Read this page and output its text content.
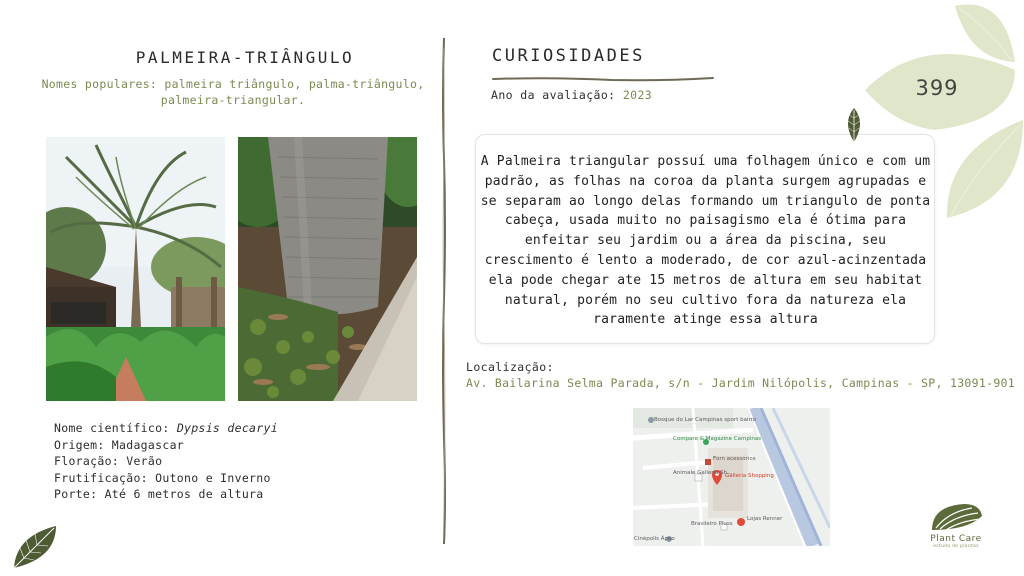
PALMEIRA-TRIÂNGULO
Nomes populares: palmeira triângulo, palma-triângulo, palmeira-triangular.
Nome científico: Dypsis decaryi
Origem: Madagascar
Floração: Verão
Frutificação: Outono e Inverno
Porte: Até 6 metros de altura
CURIOSIDADES
Ano da avaliação: 2023
A Palmeira triangular possuí uma folhagem único e com um padrão, as folhas na coroa da planta surgem agrupadas e se separam ao longo delas formando um triangulo de ponta cabeça, usada muito no paisagismo ela é ótima para enfeitar seu jardim ou a área da piscina, seu crescimento é lento a moderado, de cor azul-acinzentada ela pode chegar ate 15 metros de altura em seu habitat natural, porém no seu cultivo fora da natureza ela raramente atinge essa altura
Localização:
Av. Bailarina Selma Parada, s/n - Jardim Nilópolis, Campinas - SP, 13091-901
Bosque do Lar Campinas sport bairro
Compare & Magazine Campinas
Forn acessórios
Galleria Shopping
Animale Galleria Sh...
Lojas Renner
Brasileiro Pluss
Cinépolis Ápeo
399
Plant Care
estudo de plantas
